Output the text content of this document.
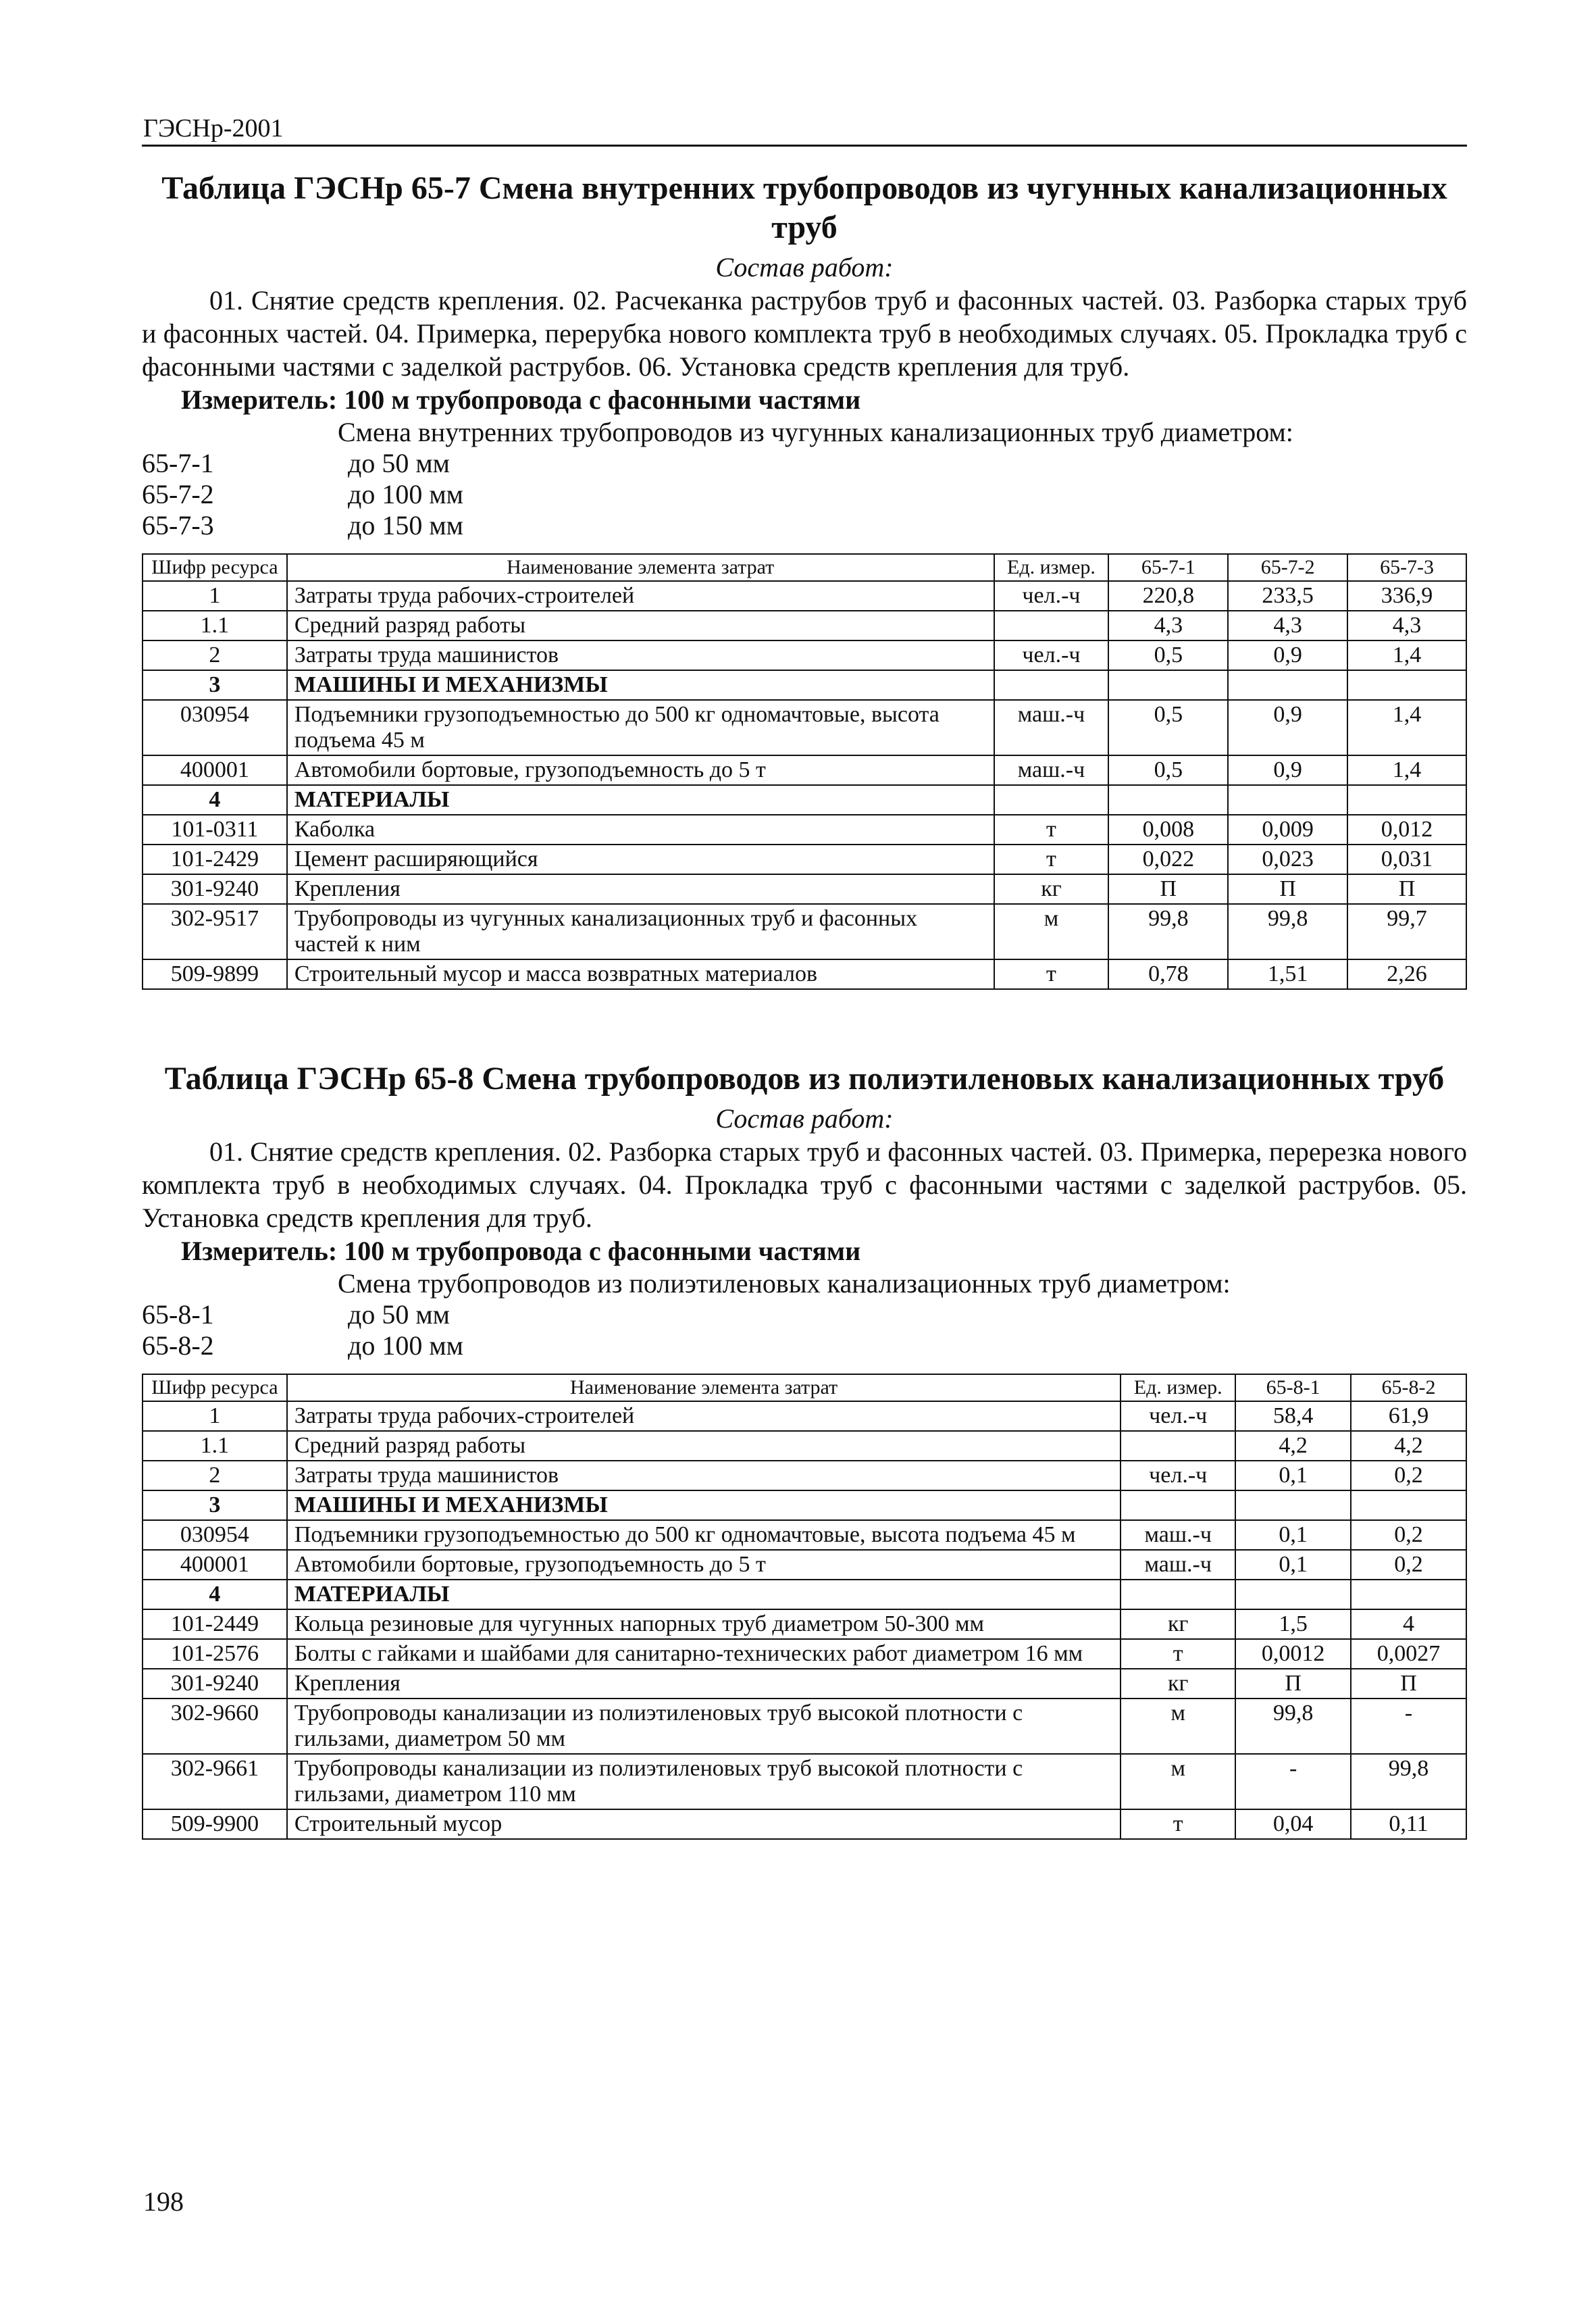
ГЭСНр-2001
Таблица ГЭСНр 65-7 Смена внутренних трубопроводов из чугунных канализационных
труб
Состав работ:

01. Снятие средств крепления. 02. Расчеканка раструбов труб и фасонных частей. 03. Разборка старых труб и фасонных частей. 04. Примерка, перерубка нового комплекта труб в необходимых случаях. 05. Прокладка труб с фасонными частями с заделкой раструбов. 06. Установка средств крепления для труб.

Измеритель: 100 м трубопровода с фасонными частями
Смена внутренних трубопроводов из чугунных канализационных труб диаметром:
65-7-1	до 50 мм
65-7-2	до 100 мм
65-7-3	до 150 мм
Шифр ресурса	Наименование элемента затрат	Ед. измер.	65-7-1	65-7-2	65-7-3
1	Затраты труда рабочих-строителей	чел.-ч	220,8	233,5	336,9
1.1	Средний разряд работы		4,3	4,3	4,3
2	Затраты труда машинистов	чел.-ч	0,5	0,9	1,4
3	МАШИНЫ И МЕХАНИЗМЫ				
030954	Подъемники грузоподъемностью до 500 кг одномачтовые, высота подъема 45 м	маш.-ч	0,5	0,9	1,4
400001	Автомобили бортовые, грузоподъемность до 5 т	маш.-ч	0,5	0,9	1,4
4	МАТЕРИАЛЫ				
101-0311	Каболка	т	0,008	0,009	0,012
101-2429	Цемент расширяющийся	т	0,022	0,023	0,031
301-9240	Крепления	кг	П	П	П
302-9517	Трубопроводы из чугунных канализационных труб и фасонных частей к ним	м	99,8	99,8	99,7
509-9899	Строительный мусор и масса возвратных материалов	т	0,78	1,51	2,26
Таблица ГЭСНр 65-8 Смена трубопроводов из полиэтиленовых канализационных труб
Состав работ:

01. Снятие средств крепления. 02. Разборка старых труб и фасонных частей. 03. Примерка, перерезка нового комплекта труб в необходимых случаях. 04. Прокладка труб с фасонными частями с заделкой раструбов. 05. Установка средств крепления для труб.

Измеритель: 100 м трубопровода с фасонными частями
Смена трубопроводов из полиэтиленовых канализационных труб диаметром:
65-8-1	до 50 мм
65-8-2	до 100 мм
Шифр ресурса	Наименование элемента затрат	Ед. измер.	65-8-1	65-8-2
1	Затраты труда рабочих-строителей	чел.-ч	58,4	61,9
1.1	Средний разряд работы		4,2	4,2
2	Затраты труда машинистов	чел.-ч	0,1	0,2
3	МАШИНЫ И МЕХАНИЗМЫ			
030954	Подъемники грузоподъемностью до 500 кг одномачтовые, высота подъема 45 м	маш.-ч	0,1	0,2
400001	Автомобили бортовые, грузоподъемность до 5 т	маш.-ч	0,1	0,2
4	МАТЕРИАЛЫ			
101-2449	Кольца резиновые для чугунных напорных труб диаметром 50-300 мм	кг	1,5	4
101-2576	Болты с гайками и шайбами для санитарно-технических работ диаметром 16 мм	т	0,0012	0,0027
301-9240	Крепления	кг	П	П
302-9660	Трубопроводы канализации из полиэтиленовых труб высокой плотности с гильзами, диаметром 50 мм	м	99,8	-
302-9661	Трубопроводы канализации из полиэтиленовых труб высокой плотности с гильзами, диаметром 110 мм	м	-	99,8
509-9900	Строительный мусор	т	0,04	0,11
198
